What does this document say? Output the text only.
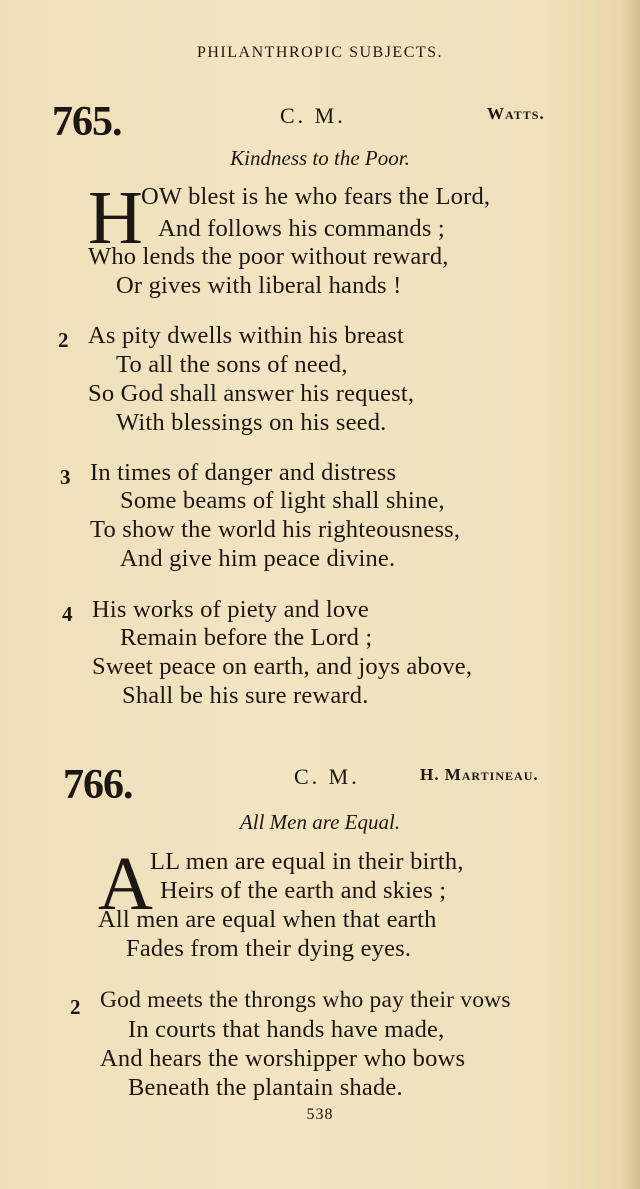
PHILANTHROPIC SUBJECTS.
765.	C. M.	Watts.
Kindness to the Poor.
H
OW blest is he who fears the Lord,
And follows his commands ;
Who lends the poor without reward,
Or gives with liberal hands !
2 As pity dwells within his breast
To all the sons of need,
So God shall answer his request,
With blessings on his seed.
3 In times of danger and distress
Some beams of light shall shine,
To show the world his righteousness,
And give him peace divine.
4 His works of piety and love
Remain before the Lord ;
Sweet peace on earth, and joys above,
Shall be his sure reward.
766.	C. M.	H. Martineau.
All Men are Equal.
A
LL men are equal in their birth,
Heirs of the earth and skies ;
All men are equal when that earth
Fades from their dying eyes.
2 God meets the throngs who pay their vows
In courts that hands have made,
And hears the worshipper who bows
Beneath the plantain shade.
538
